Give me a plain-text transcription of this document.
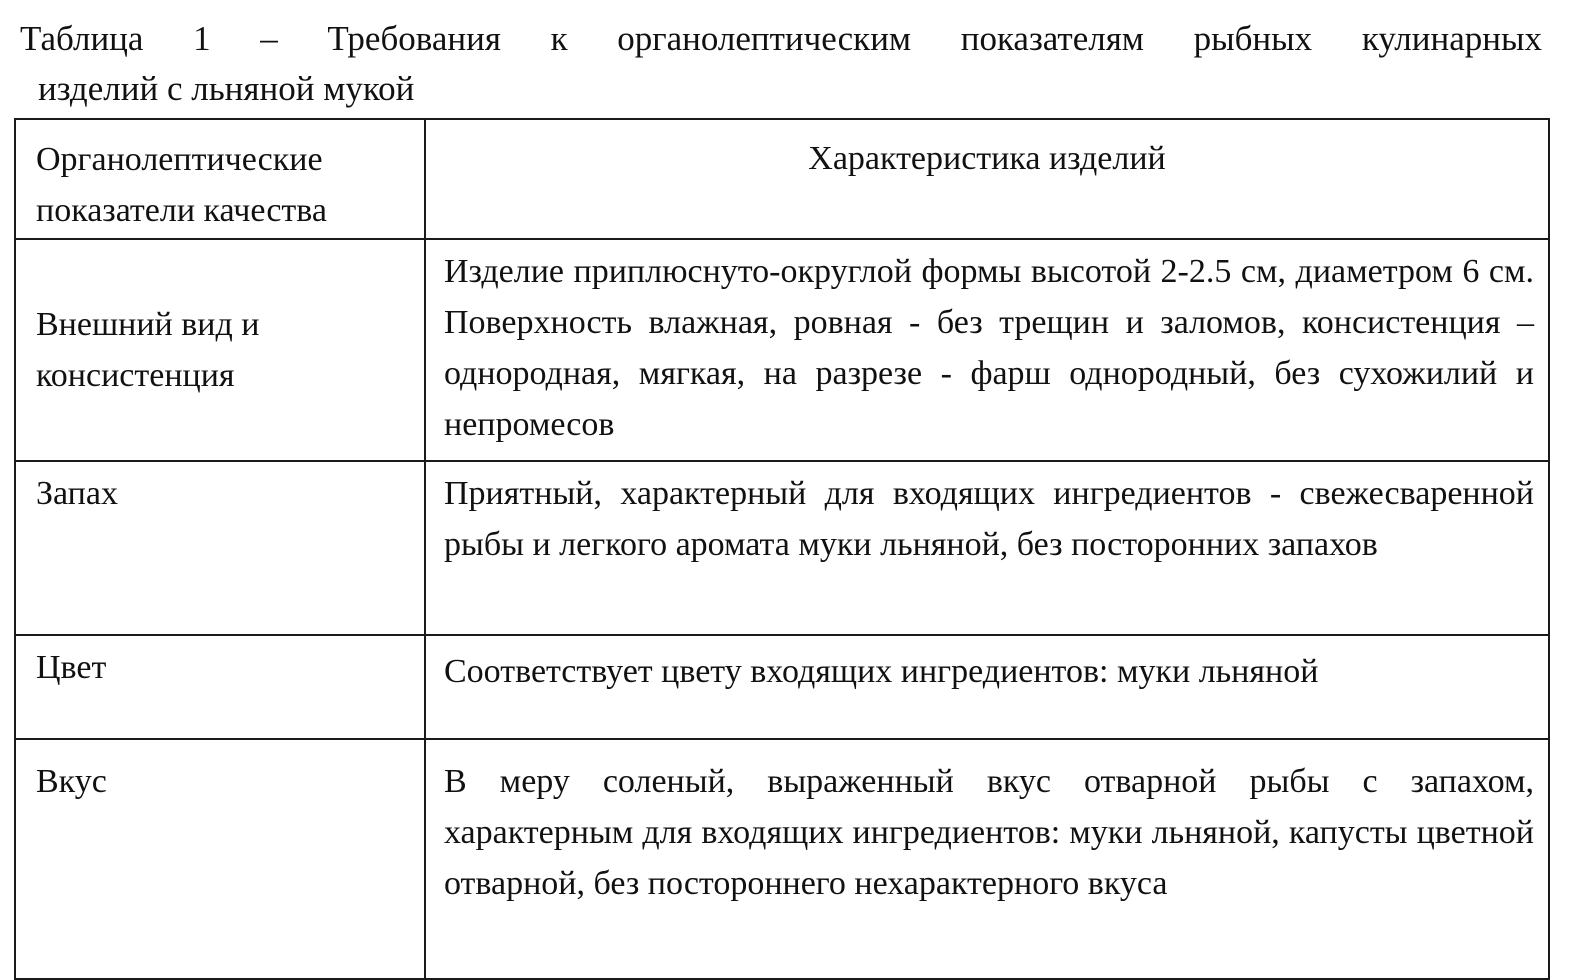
Таблица 1 – Требования к органолептическим показателям рыбных кулинарных
изделий с льняной мукой
Органолептические показатели качества	Характеристика изделий
Внешний вид и консистенция	Изделие приплюснуто-округлой формы высотой 2-2.5 см, диаметром 6 см. Поверхность влажная, ровная - без трещин и заломов, консистенция – однородная, мягкая, на разрезе - фарш однородный, без сухожилий и непромесов
Запах	Приятный, характерный для входящих ингредиентов - свежесваренной рыбы и легкого аромата муки льняной, без посторонних запахов
Цвет	Соответствует цвету входящих ингредиентов: муки льняной
Вкус	В меру соленый, выраженный вкус отварной рыбы с запахом, характерным для входящих ингредиентов: муки льняной, капусты цветной отварной, без постороннего нехарактерного вкуса
